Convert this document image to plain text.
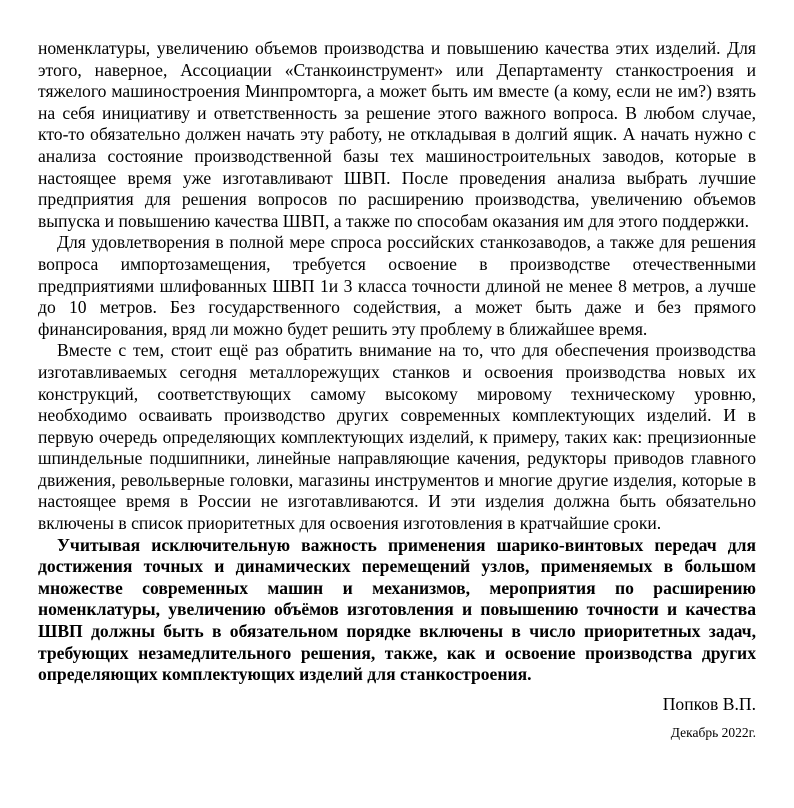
номенклатуры, увеличению объемов производства и повышению качества этих изделий. Для этого, наверное, Ассоциации «Станкоинструмент» или Департаменту станкостроения и тяжелого машиностроения Минпромторга, а может быть им вместе (а кому, если не им?) взять на себя инициативу и ответственность за решение этого важного вопроса. В любом случае, кто-то обязательно должен начать эту работу, не откладывая в долгий ящик. А начать нужно с анализа состояние производственной базы тех машиностроительных заводов, которые в настоящее время уже изготавливают ШВП. После проведения анализа выбрать лучшие предприятия для решения вопросов по расширению производства, увеличению объемов выпуска и повышению качества ШВП, а также по способам оказания им для этого поддержки.

Для удовлетворения в полной мере спроса российских станкозаводов, а также для решения вопроса импортозамещения, требуется освоение в производстве отечественными предприятиями шлифованных ШВП 1и 3 класса точности длиной не менее 8 метров, а лучше до 10 метров. Без государственного содействия, а может быть даже и без прямого финансирования, вряд ли можно будет решить эту проблему в ближайшее время.

Вместе с тем, стоит ещё раз обратить внимание на то, что для обеспечения производства изготавливаемых сегодня металлорежущих станков и освоения производства новых их конструкций, соответствующих самому высокому мировому техническому уровню, необходимо осваивать производство других современных комплектующих изделий. И в первую очередь определяющих комплектующих изделий, к примеру, таких как: прецизионные шпиндельные подшипники, линейные направляющие качения, редукторы приводов главного движения, револьверные головки, магазины инструментов и многие другие изделия, которые в настоящее время в России не изготавливаются. И эти изделия должна быть обязательно включены в список приоритетных для освоения изготовления в кратчайшие сроки.

Учитывая исключительную важность применения шарико-винтовых передач для достижения точных и динамических перемещений узлов, применяемых в большом множестве современных машин и механизмов, мероприятия по расширению номенклатуры, увеличению объёмов изготовления и повышению точности и качества ШВП должны быть в обязательном порядке включены в число приоритетных задач, требующих незамедлительного решения, также, как и освоение производства других определяющих комплектующих изделий для станкостроения.

Попков В.П.

Декабрь 2022г.
